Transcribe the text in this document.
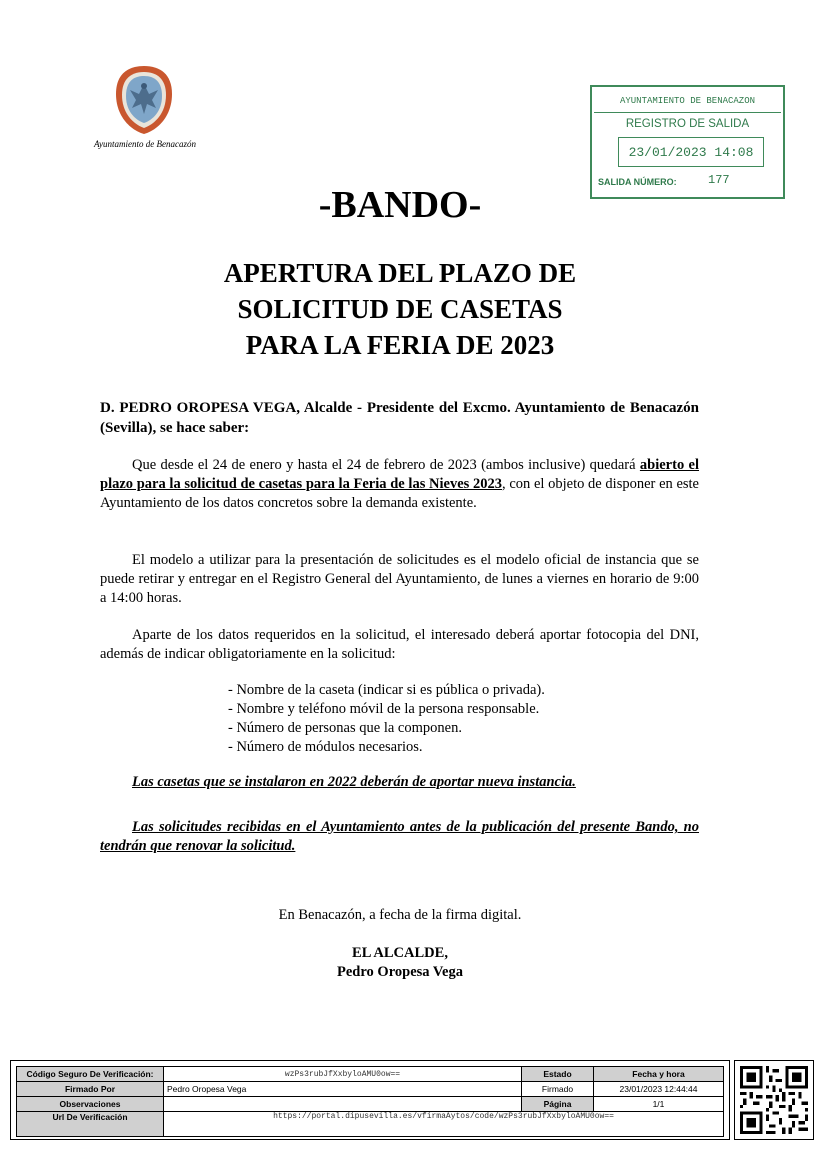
Ayuntamiento de Benacazón
AYUNTAMIENTO DE BENACAZON
REGISTRO DE SALIDA
23/01/2023 14:08
SALIDA NÚMERO:	177
-BANDO-
APERTURA DEL PLAZO DE
SOLICITUD DE CASETAS
PARA LA FERIA DE 2023
D. PEDRO OROPESA VEGA, Alcalde - Presidente del Excmo. Ayuntamiento de Benacazón (Sevilla), se hace saber:
Que desde el 24 de enero y hasta el 24 de febrero de 2023 (ambos inclusive) quedará abierto el plazo para la solicitud de casetas para la Feria de las Nieves 2023, con el objeto de disponer en este Ayuntamiento de los datos concretos sobre la demanda existente.
El modelo a utilizar para la presentación de solicitudes es el modelo oficial de instancia que se puede retirar y entregar en el Registro General del Ayuntamiento, de lunes a viernes en horario de 9:00 a 14:00 horas.
Aparte de los datos requeridos en la solicitud, el interesado deberá aportar fotocopia del DNI, además de indicar obligatoriamente en la solicitud:
- Nombre de la caseta (indicar si es pública o privada).
- Nombre y teléfono móvil de la persona responsable.
- Número de personas que la componen.
- Número de módulos necesarios.
Las casetas que se instalaron en 2022 deberán de aportar nueva instancia.
Las solicitudes recibidas en el Ayuntamiento antes de la publicación del presente Bando, no tendrán que renovar la solicitud.
En Benacazón, a fecha de la firma digital.
EL ALCALDE,
Pedro Oropesa Vega
Código Seguro De Verificación:	wzPs3rubJfXxbyloAMU0ow==	Estado	Fecha y hora
Firmado Por	Pedro Oropesa Vega	Firmado	23/01/2023 12:44:44
Observaciones		Página	1/1
Url De Verificación	https://portal.dipusevilla.es/vfirmaAytos/code/wzPs3rubJfXxbyloAMU0ow==		
